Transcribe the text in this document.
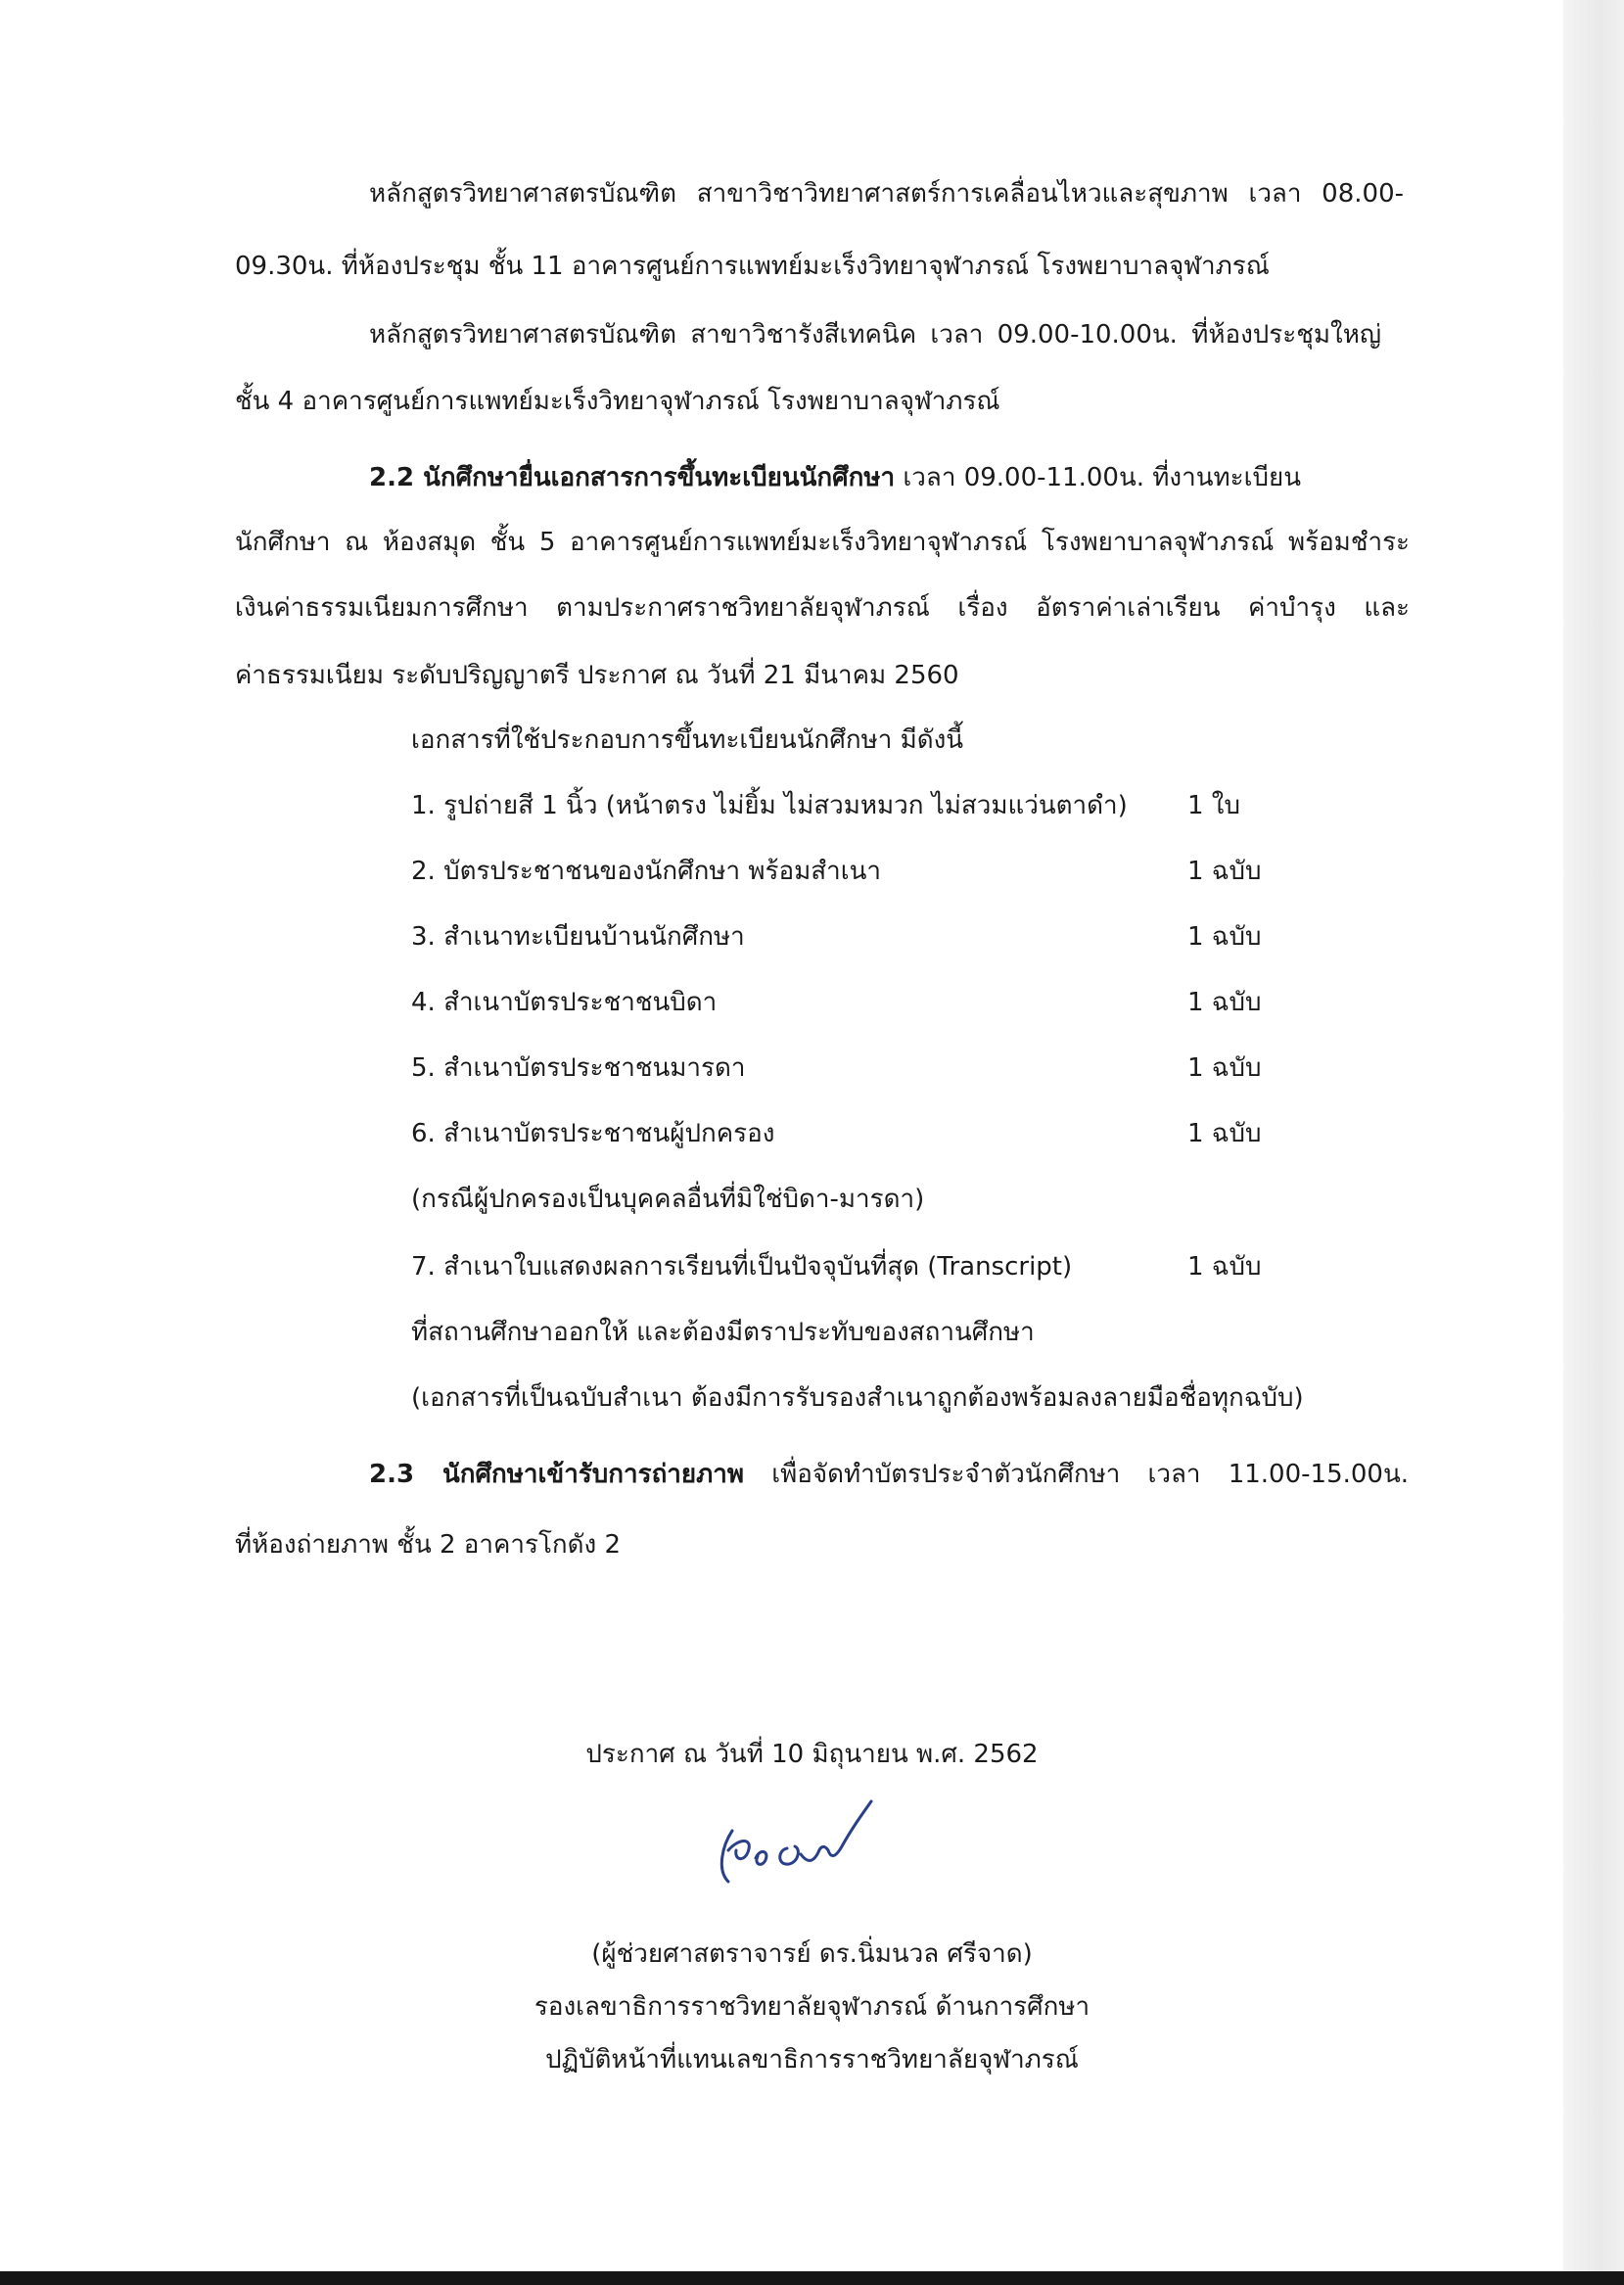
หลักสูตรวิทยาศาสตรบัณฑิต สาขาวิชาวิทยาศาสตร์การเคลื่อนไหวและสุขภาพ เวลา 08.00-
09.30น. ที่ห้องประชุม ชั้น 11 อาคารศูนย์การแพทย์มะเร็งวิทยาจุฬาภรณ์ โรงพยาบาลจุฬาภรณ์
หลักสูตรวิทยาศาสตรบัณฑิต สาขาวิชารังสีเทคนิค เวลา 09.00-10.00น. ที่ห้องประชุมใหญ่
ชั้น 4 อาคารศูนย์การแพทย์มะเร็งวิทยาจุฬาภรณ์ โรงพยาบาลจุฬาภรณ์
2.2 นักศึกษายื่นเอกสารการขึ้นทะเบียนนักศึกษา เวลา 09.00-11.00น. ที่งานทะเบียน
นักศึกษา ณ ห้องสมุด ชั้น 5 อาคารศูนย์การแพทย์มะเร็งวิทยาจุฬาภรณ์ โรงพยาบาลจุฬาภรณ์ พร้อมชำระ
เงินค่าธรรมเนียมการศึกษา ตามประกาศราชวิทยาลัยจุฬาภรณ์ เรื่อง อัตราค่าเล่าเรียน ค่าบำรุง และ
ค่าธรรมเนียม ระดับปริญญาตรี ประกาศ ณ วันที่ 21 มีนาคม 2560
เอกสารที่ใช้ประกอบการขึ้นทะเบียนนักศึกษา มีดังนี้
1. รูปถ่ายสี 1 นิ้ว (หน้าตรง ไม่ยิ้ม ไม่สวมหมวก ไม่สวมแว่นตาดำ) 1 ใบ
2. บัตรประชาชนของนักศึกษา พร้อมสำเนา	1 ฉบับ
3. สำเนาทะเบียนบ้านนักศึกษา	1 ฉบับ
4. สำเนาบัตรประชาชนบิดา	1 ฉบับ
5. สำเนาบัตรประชาชนมารดา	1 ฉบับ
6. สำเนาบัตรประชาชนผู้ปกครอง	1 ฉบับ
(กรณีผู้ปกครองเป็นบุคคลอื่นที่มิใช่บิดา-มารดา)
7. สำเนาใบแสดงผลการเรียนที่เป็นปัจจุบันที่สุด (Transcript)	1 ฉบับ
ที่สถานศึกษาออกให้ และต้องมีตราประทับของสถานศึกษา
(เอกสารที่เป็นฉบับสำเนา ต้องมีการรับรองสำเนาถูกต้องพร้อมลงลายมือชื่อทุกฉบับ)
2.3 นักศึกษาเข้ารับการถ่ายภาพ เพื่อจัดทำบัตรประจำตัวนักศึกษา เวลา 11.00-15.00น.
ที่ห้องถ่ายภาพ ชั้น 2 อาคารโกดัง 2
ประกาศ ณ วันที่ 10 มิถุนายน พ.ศ. 2562
(ผู้ช่วยศาสตราจารย์ ดร.นิ่มนวล ศรีจาด)
รองเลขาธิการราชวิทยาลัยจุฬาภรณ์ ด้านการศึกษา
ปฏิบัติหน้าที่แทนเลขาธิการราชวิทยาลัยจุฬาภรณ์
